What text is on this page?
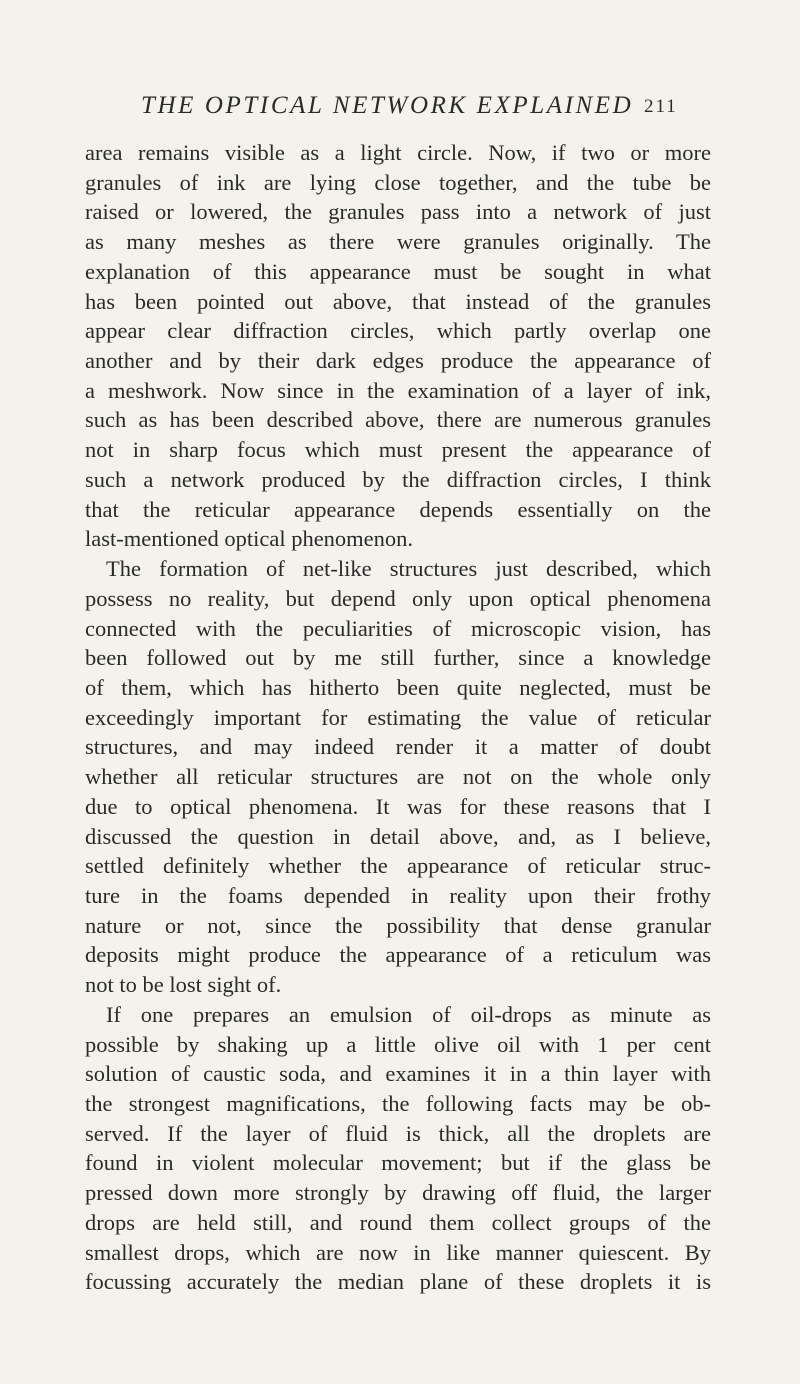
THE OPTICAL NETWORK EXPLAINED 211
area remains visible as a light circle. Now, if two or more
granules of ink are lying close together, and the tube be
raised or lowered, the granules pass into a network of just
as many meshes as there were granules originally. The
explanation of this appearance must be sought in what
has been pointed out above, that instead of the granules
appear clear diffraction circles, which partly overlap one
another and by their dark edges produce the appearance of
a meshwork. Now since in the examination of a layer of ink,
such as has been described above, there are numerous granules
not in sharp focus which must present the appearance of
such a network produced by the diffraction circles, I think
that the reticular appearance depends essentially on the
last-mentioned optical phenomenon.
The formation of net-like structures just described, which
possess no reality, but depend only upon optical phenomena
connected with the peculiarities of microscopic vision, has
been followed out by me still further, since a knowledge
of them, which has hitherto been quite neglected, must be
exceedingly important for estimating the value of reticular
structures, and may indeed render it a matter of doubt
whether all reticular structures are not on the whole only
due to optical phenomena. It was for these reasons that I
discussed the question in detail above, and, as I believe,
settled definitely whether the appearance of reticular struc-
ture in the foams depended in reality upon their frothy
nature or not, since the possibility that dense granular
deposits might produce the appearance of a reticulum was
not to be lost sight of.
If one prepares an emulsion of oil-drops as minute as
possible by shaking up a little olive oil with 1 per cent
solution of caustic soda, and examines it in a thin layer with
the strongest magnifications, the following facts may be ob-
served. If the layer of fluid is thick, all the droplets are
found in violent molecular movement; but if the glass be
pressed down more strongly by drawing off fluid, the larger
drops are held still, and round them collect groups of the
smallest drops, which are now in like manner quiescent. By
focussing accurately the median plane of these droplets it is
